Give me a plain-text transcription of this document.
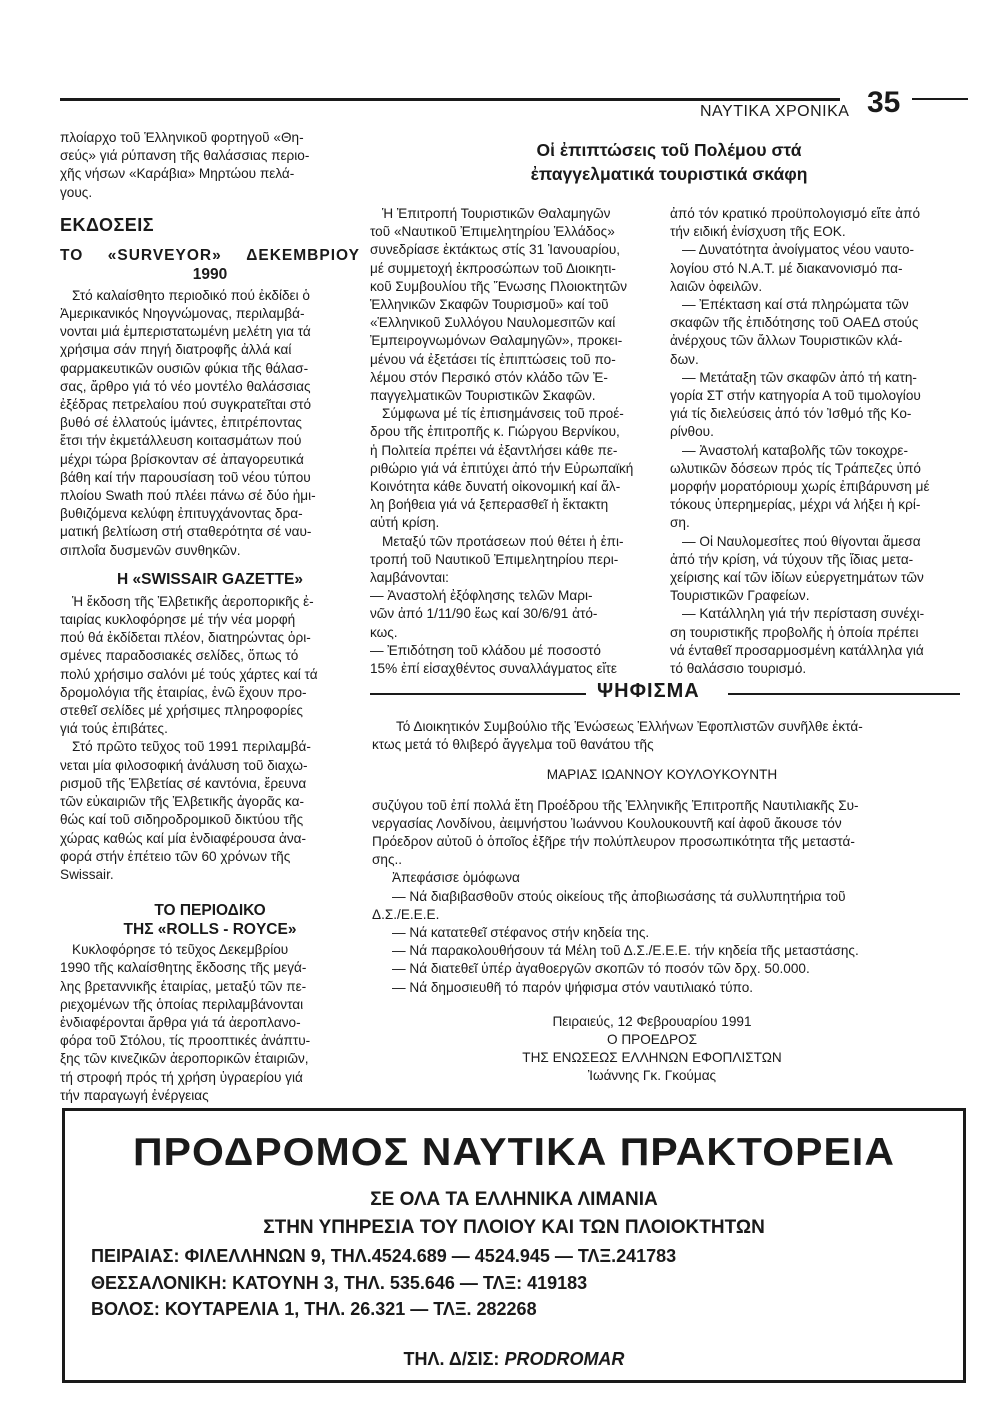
ΝΑΥΤΙΚΑ ΧΡΟΝΙΚΑ 35

πλοίαρχο τοῦ Ἑλληνικοῦ φορτηγοῦ «Θη-

σεύς» γιά ρύπανση τῆς θαλάσσιας περιο-

χῆς νήσων «Καράβια» Μηρτώου πελά-

γους.

ΕΚΔΟΣΕΙΣ
ΤΟ «SURVEYOR» ΔΕΚΕΜΒΡΙΟΥ
1990

Στό καλαίσθητο περιοδικό πού ἐκδίδει ὁ

Ἀμερικανικός Νηογνώμονας, περιλαμβά-

νονται μιά ἐμπεριστατωμένη μελέτη για τά

χρήσιμα σάν πηγή διατροφῆς ἀλλά καί

φαρμακευτικῶν ουσιῶν φύκια τῆς θάλασ-

σας, ἄρθρο γιά τό νέο μοντέλο θαλάσσιας

ἐξέδρας πετρελαίου πού συγκρατεῖται στό

βυθό σέ ἐλλατούς ἱμάντες, ἐπιτρέποντας

ἔτσι τήν ἐκμετάλλευση κοιτασμάτων πού

μέχρι τώρα βρίσκονταν σέ ἀπαγορευτικά

βάθη καί τήν παρουσίαση τοῦ νέου τύπου

πλοίου Swath πού πλέει πάνω σέ δύο ἡμι-

βυθιζόμενα κελύφη ἐπιτυγχάνοντας δρα-

ματική βελτίωση στή σταθερότητα σέ ναυ-

σιπλοΐα δυσμενῶν συνθηκῶν.

Η «SWISSAIR GAZETTE»

Ἡ ἔκδοση τῆς Ἑλβετικῆς ἀεροπορικῆς ἐ-

ταιρίας κυκλοφόρησε μέ τήν νέα μορφή

πού θά ἐκδίδεται πλέον, διατηρώντας ὁρι-

σμένες παραδοσιακές σελίδες, ὅπως τό

πολύ χρήσιμο σαλόνι μέ τούς χάρτες καί τά

δρομολόγια τῆς ἑταιρίας, ἐνῶ ἔχουν προ-

στεθεῖ σελίδες μέ χρήσιμες πληροφορίες

γιά τούς ἐπιβάτες.

Στό πρῶτο τεῦχος τοῦ 1991 περιλαμβά-

νεται μία φιλοσοφική ἀνάλυση τοῦ διαχω-

ρισμοῦ τῆς Ἑλβετίας σέ καντόνια, ἔρευνα

τῶν εὐκαιριῶν τῆς Ἑλβετικῆς ἀγορᾶς κα-

θώς καί τοῦ σιδηροδρομικοῦ δικτύου τῆς

χώρας καθώς καί μία ἐνδιαφέρουσα ἀνα-

φορά στήν ἐπέτειο τῶν 60 χρόνων τῆς

Swissair.

ΤΟ ΠΕΡΙΟΔΙΚΟ
ΤΗΣ «ROLLS - ROYCE»

Κυκλοφόρησε τό τεῦχος Δεκεμβρίου

1990 τῆς καλαίσθητης ἔκδοσης τῆς μεγά-

λης βρεταννικῆς ἑταιρίας, μεταξύ τῶν πε-

ριεχομένων τῆς ὁποίας περιλαμβάνονται

ἐνδιαφέρονται ἄρθρα γιά τά ἀεροπλανο-

φόρα τοῦ Στόλου, τίς προοπτικές ἀνάπτυ-

ξης τῶν κινεζικῶν ἀεροπορικῶν ἑταιριῶν,

τή στροφή πρός τή χρήση ὑγραερίου γιά

τήν παραγωγή ἐνέργειας

Οἱ ἐπιπτώσεις τοῦ Πολέμου στά
ἐπαγγελματικά τουριστικά σκάφη

Ἡ Ἐπιτροπή Τουριστικῶν Θαλαμηγῶν

τοῦ «Ναυτικοῦ Ἐπιμελητηρίου Ἑλλάδος»

συνεδρίασε ἐκτάκτως στίς 31 Ἰανουαρίου,

μέ συμμετοχή ἐκπροσώπων τοῦ Διοικητι-

κοῦ Συμβουλίου τῆς Ἕνωσης Πλοιοκτητῶν

Ἑλληνικῶν Σκαφῶν Τουρισμοῦ» καί τοῦ

«Ἑλληνικοῦ Συλλόγου Ναυλομεσιτῶν καί

Ἐμπειρογνωμόνων Θαλαμηγῶν», προκει-

μένου νά ἐξετάσει τίς ἐπιπτώσεις τοῦ πο-

λέμου στόν Περσικό στόν κλάδο τῶν Ἐ-

παγγελματικῶν Τουριστικῶν Σκαφῶν.

Σύμφωνα μέ τίς ἐπισημάνσεις τοῦ προέ-

δρου τῆς ἐπιτροπῆς κ. Γιώργου Βερνίκου,

ἡ Πολιτεία πρέπει νά ἐξαντλήσει κάθε πε-

ριθώριο γιά νά ἐπιτύχει ἀπό τήν Εὐρωπαϊκή

Κοινότητα κάθε δυνατή οἰκονομική καί ἄλ-

λη βοήθεια γιά νά ξεπερασθεῖ ἡ ἔκτακτη

αὐτή κρίση.

Μεταξύ τῶν προτάσεων πού θέτει ἡ ἐπι-

τροπή τοῦ Ναυτικοῦ Ἐπιμελητηρίου περι-

λαμβάνονται:

— Ἀναστολή ἐξόφλησης τελῶν Μαρι-

νῶν ἀπό 1/11/90 ἕως καί 30/6/91 ἀτό-

κως.

— Ἐπιδότηση τοῦ κλάδου μέ ποσοστό

15% ἐπί εἰσαχθέντος συναλλάγματος εἴτε

ἀπό τόν κρατικό προϋπολογισμό εἴτε ἀπό

τήν ειδική ἐνίσχυση τῆς ΕΟΚ.

— Δυνατότητα ἀνοίγματος νέου ναυτο-

λογίου στό Ν.Α.Τ. μέ διακανονισμό πα-

λαιῶν ὀφειλῶν.

— Ἐπέκταση καί στά πληρώματα τῶν

σκαφῶν τῆς ἐπιδότησης τοῦ ΟΑΕΔ στούς

ἀνέρχους τῶν ἄλλων Τουριστικῶν κλά-

δων.

— Μετάταξη τῶν σκαφῶν ἀπό τή κατη-

γορία ΣΤ στήν κατηγορία Α τοῦ τιμολογίου

γιά τίς διελεύσεις ἀπό τόν Ἰσθμό τῆς Κο-

ρίνθου.

— Ἀναστολή καταβολῆς τῶν τοκοχρε-

ωλυτικῶν δόσεων πρός τίς Τράπεζες ὑπό

μορφήν μορατόριουμ χωρίς ἐπιβάρυνση μέ

τόκους ὑπερημερίας, μέχρι νά λήξει ἡ κρί-

ση.

— Οἱ Ναυλομεσίτες πού θίγονται ἄμεσα

ἀπό τήν κρίση, νά τύχουν τῆς ἴδιας μετα-

χείρισης καί τῶν ἰδίων εὐεργετημάτων τῶν

Τουριστικῶν Γραφείων.

— Κατάλληλη γιά τήν περίσταση συνέχι-

ση τουριστικῆς προβολῆς ἡ ὁποία πρέπει

νά ένταθεῖ προσαρμοσμένη κατάλληλα γιά

τό θαλάσσιο τουρισμό.

ΨΗΦΙΣΜΑ

Τό Διοικητικόν Συμβούλιο τῆς Ἑνώσεως Ἑλλήνων Ἐφοπλιστῶν συνῆλθε ἐκτά-

κτως μετά τό θλιβερό ἄγγελμα τοῦ θανάτου τῆς

ΜΑΡΙΑΣ ΙΩΑΝΝΟΥ ΚΟΥΛΟΥΚΟΥΝΤΗ

συζύγου τοῦ ἐπί πολλά ἔτη Προέδρου τῆς Ἑλληνικῆς Ἐπιτροπῆς Ναυτιλιακῆς Συ-

νεργασίας Λονδίνου, ἀειμνήστου Ἰωάννου Κουλουκουντῆ καί ἀφοῦ ἄκουσε τόν

Πρόεδρον αὐτοῦ ὁ ὁποῖος ἐξῆρε τήν πολύπλευρον προσωπικότητα τῆς μεταστά-

σης..

Ἀπεφάσισε ὁμόφωνα

— Νά διαβιβασθοῦν στούς οἰκείους τῆς ἀποβιωσάσης τά συλλυπητήρια τοῦ

Δ.Σ./Ε.Ε.Ε.

— Νά κατατεθεῖ στέφανος στήν κηδεία της.

— Νά παρακολουθήσουν τά Μέλη τοῦ Δ.Σ./Ε.Ε.Ε. τήν κηδεία τῆς μεταστάσης.

— Νά διατεθεῖ ὑπέρ ἀγαθοεργῶν σκοπῶν τό ποσόν τῶν δρχ. 50.000.

— Νά δημοσιευθῆ τό παρόν ψήφισμα στόν ναυτιλιακό τύπο.

Πειραιεύς, 12 Φεβρουαρίου 1991

Ο ΠΡΟΕΔΡΟΣ

ΤΗΣ ΕΝΩΣΕΩΣ ΕΛΛΗΝΩΝ ΕΦΟΠΛΙΣΤΩΝ

Ἰωάννης Γκ. Γκούμας

ΠΡΟΔΡΟΜΟΣ ΝΑΥΤΙΚΑ ΠΡΑΚΤΟΡΕΙΑ
ΣΕ ΟΛΑ ΤΑ ΕΛΛΗΝΙΚΑ ΛΙΜΑΝΙΑ
ΣΤΗΝ ΥΠΗΡΕΣΙΑ ΤΟΥ ΠΛΟΙΟΥ ΚΑΙ ΤΩΝ ΠΛΟΙΟΚΤΗΤΩΝ
ΠΕΙΡΑΙΑΣ: ΦΙΛΕΛΛΗΝΩΝ 9, ΤΗΛ.4524.689 — 4524.945 — ΤΛΞ.241783
ΘΕΣΣΑΛΟΝΙΚΗ: ΚΑΤΟΥΝΗ 3, ΤΗΛ. 535.646 — ΤΛΞ: 419183
ΒΟΛΟΣ: ΚΟΥΤΑΡΕΛΙΑ 1, ΤΗΛ. 26.321 — ΤΛΞ. 282268
ΤΗΛ. Δ/ΣΙΣ: PRODROMAR
